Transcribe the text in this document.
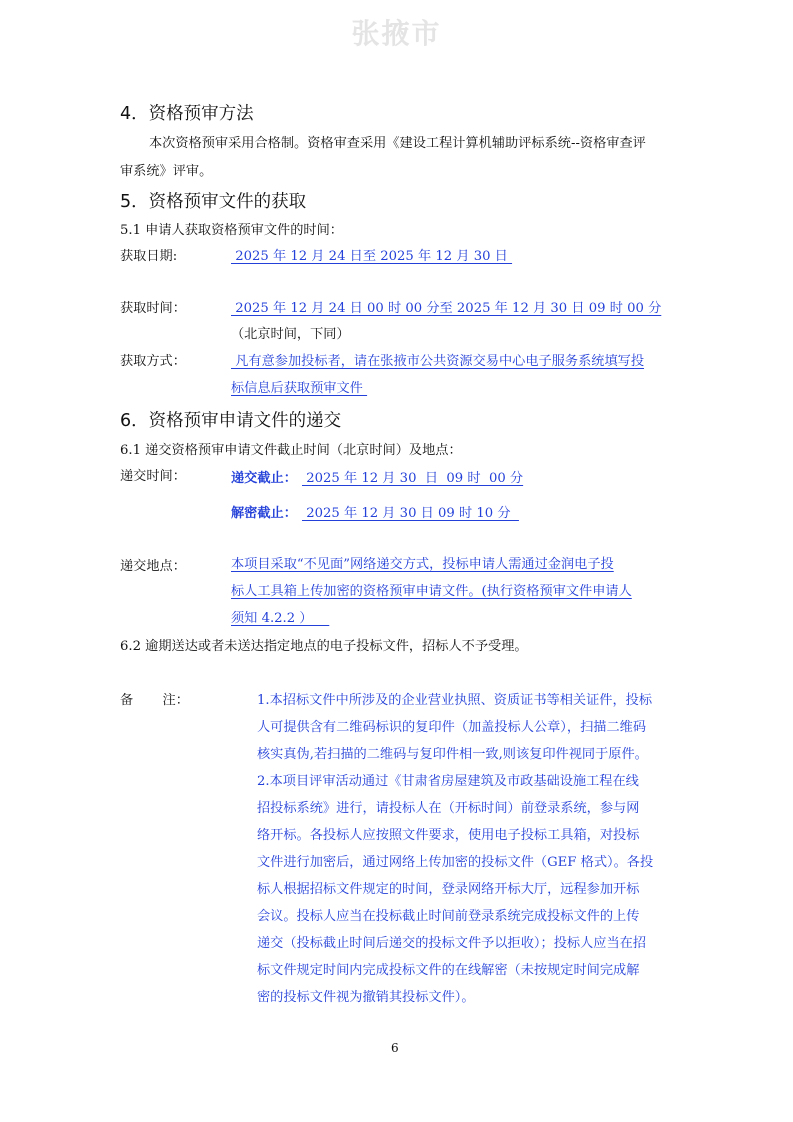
张掖市
4．资格预审方法
本次资格预审采用合格制。资格审查采用《建设工程计算机辅助评标系统--资格审查评
审系统》评审。
5．资格预审文件的获取
5.1 申请人获取资格预审文件的时间：
获取日期:	2025 年 12 月 24 日至 2025 年 12 月 30 日
获取时间：	2025 年 12 月 24 日 00 时 00 分至 2025 年 12 月 30 日 09 时 00 分
（北京时间，下同）
获取方式：	凡有意参加投标者，请在张掖市公共资源交易中心电子服务系统填写投
标信息后获取预审文件
6．资格预审申请文件的递交
6.1 递交资格预审申请文件截止时间（北京时间）及地点：
递交时间：	递交截止： 2025 年 12 月 30  日  09 时  00 分
解密截止： 2025 年 12 月 30 日 09 时 10 分
递交地点：	本项目采取“不见面”网络递交方式，投标申请人需通过金润电子投
标人工具箱上传加密的资格预审申请文件。(执行资格预审文件申请人
须知 4.2.2 ）
6.2 逾期送达或者未送达指定地点的电子投标文件，招标人不予受理。
备       注：	1.本招标文件中所涉及的企业营业执照、资质证书等相关证件，投标
人可提供含有二维码标识的复印件（加盖投标人公章），扫描二维码
核实真伪,若扫描的二维码与复印件相一致,则该复印件视同于原件。
2.本项目评审活动通过《甘肃省房屋建筑及市政基础设施工程在线
招投标系统》进行，请投标人在（开标时间）前登录系统，参与网
络开标。各投标人应按照文件要求，使用电子投标工具箱，对投标
文件进行加密后，通过网络上传加密的投标文件（GEF 格式）。各投
标人根据招标文件规定的时间，登录网络开标大厅，远程参加开标
会议。投标人应当在投标截止时间前登录系统完成投标文件的上传
递交（投标截止时间后递交的投标文件予以拒收）；投标人应当在招
标文件规定时间内完成投标文件的在线解密（未按规定时间完成解
密的投标文件视为撤销其投标文件）。
6
